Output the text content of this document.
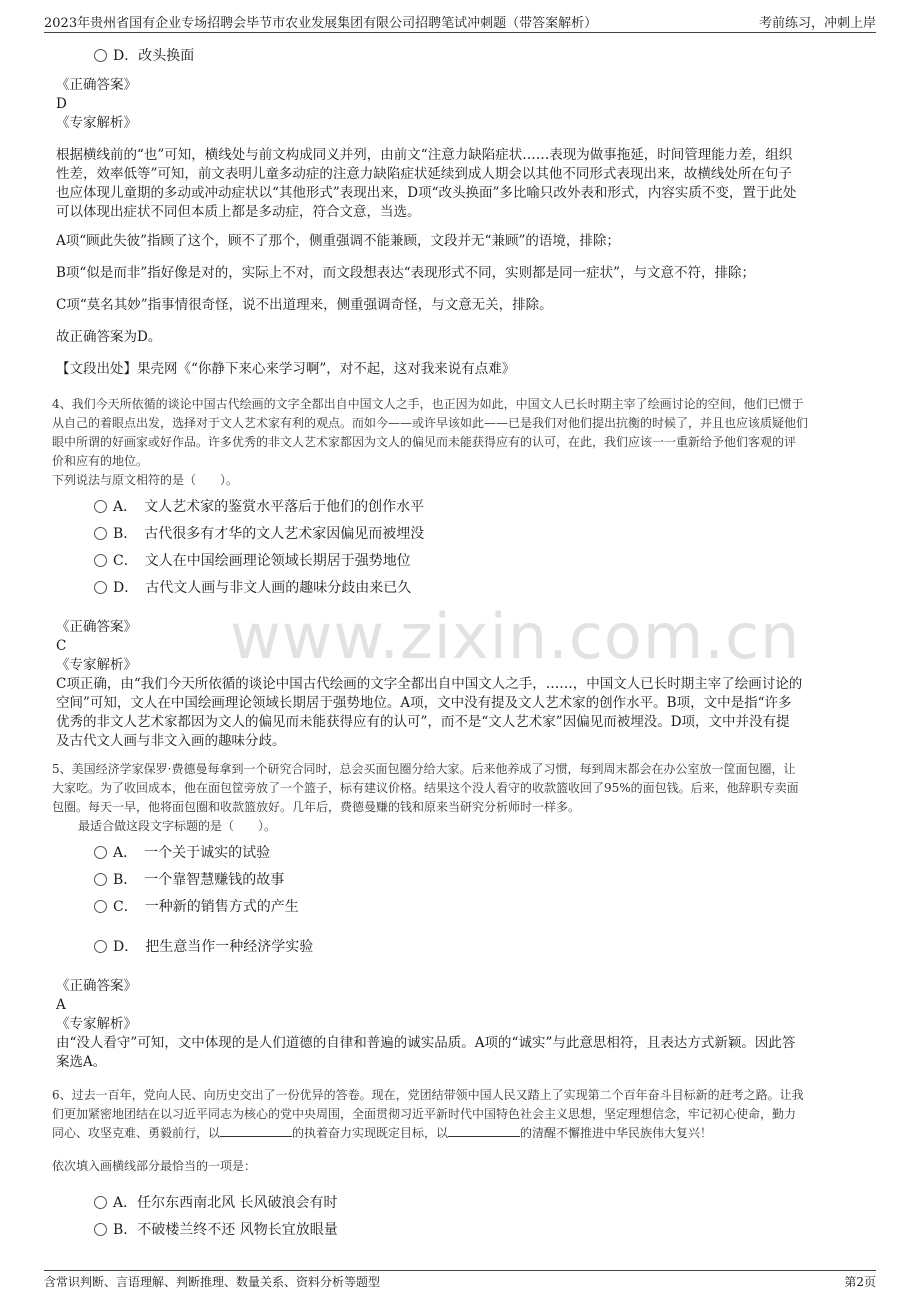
2023年贵州省国有企业专场招聘会毕节市农业发展集团有限公司招聘笔试冲刺题（带答案解析）	考前练习，冲刺上岸
www.zixin.com.cn
D．改头换面
《正确答案》
D
《专家解析》
根据横线前的“也”可知，横线处与前文构成同义并列，由前文“注意力缺陷症状……表现为做事拖延，时间管理能力差，组织
性差，效率低等”可知，前文表明儿童多动症的注意力缺陷症状延续到成人期会以其他不同形式表现出来，故横线处所在句子
也应体现儿童期的多动或冲动症状以“其他形式”表现出来，D项“改头换面”多比喻只改外表和形式，内容实质不变，置于此处
可以体现出症状不同但本质上都是多动症，符合文意，当选。
A项“顾此失彼”指顾了这个，顾不了那个，侧重强调不能兼顾，文段并无“兼顾”的语境，排除；
B项“似是而非”指好像是对的，实际上不对，而文段想表达“表现形式不同，实则都是同一症状”，与文意不符，排除；
C项“莫名其妙”指事情很奇怪，说不出道理来，侧重强调奇怪，与文意无关，排除。
故正确答案为D。
【文段出处】果壳网《“你静下来心来学习啊”，对不起，这对我来说有点难》
4、我们今天所依循的谈论中国古代绘画的文字全都出自中国文人之手，也正因为如此，中国文人已长时期主宰了绘画讨论的空间，他们已惯于
从自己的着眼点出发，选择对于文人艺术家有利的观点。而如今——或许早该如此——已是我们对他们提出抗衡的时候了，并且也应该质疑他们
眼中所谓的好画家或好作品。许多优秀的非文人艺术家都因为文人的偏见而未能获得应有的认可，在此，我们应该一一重新给予他们客观的评
价和应有的地位。
下列说法与原文相符的是（　　）。
A．　文人艺术家的鉴赏水平落后于他们的创作水平
B．　古代很多有才华的文人艺术家因偏见而被埋没
C．　文人在中国绘画理论领域长期居于强势地位
D．　古代文人画与非文人画的趣味分歧由来已久
《正确答案》
C
《专家解析》
C项正确，由“我们今天所依循的谈论中国古代绘画的文字全都出自中国文人之手，……，中国文人已长时期主宰了绘画讨论的
空间”可知，文人在中国绘画理论领域长期居于强势地位。A项，文中没有提及文人艺术家的创作水平。B项，文中是指“许多
优秀的非文人艺术家都因为文人的偏见而未能获得应有的认可”，而不是“文人艺术家”因偏见而被埋没。D项，文中并没有提
及古代文人画与非文入画的趣味分歧。
5、美国经济学家保罗·费德曼每拿到一个研究合同时，总会买面包圈分给大家。后来他养成了习惯，每到周末都会在办公室放一筐面包圈，让
大家吃。为了收回成本，他在面包筐旁放了一个篮子，标有建议价格。结果这个没人看守的收款篮收回了95%的面包钱。后来，他辞职专卖面
包圈。每天一早，他将面包圈和收款篮放好。几年后，费德曼赚的钱和原来当研究分析师时一样多。
最适合做这段文字标题的是（　　）。
A．　一个关于诚实的试验
B．　一个靠智慧赚钱的故事
C．　一种新的销售方式的产生
D．　把生意当作一种经济学实验
《正确答案》
A
《专家解析》
由“没人看守”可知，文中体现的是人们道德的自律和普遍的诚实品质。A项的“诚实”与此意思相符，且表达方式新颖。因此答
案选A。
6、过去一百年，党向人民、向历史交出了一份优异的答卷。现在，党团结带领中国人民又踏上了实现第二个百年奋斗目标新的赶考之路。让我
们更加紧密地团结在以习近平同志为核心的党中央周围，全面贯彻习近平新时代中国特色社会主义思想，坚定理想信念，牢记初心使命，勤力
同心、攻坚克难、勇毅前行，以	的执着奋力实现既定目标，以	的清醒不懈推进中华民族伟大复兴！
依次填入画横线部分最恰当的一项是：
A．任尔东西南北风 长风破浪会有时
B．不破楼兰终不还 风物长宜放眼量
含常识判断、言语理解、判断推理、数量关系、资料分析等题型	第2页
